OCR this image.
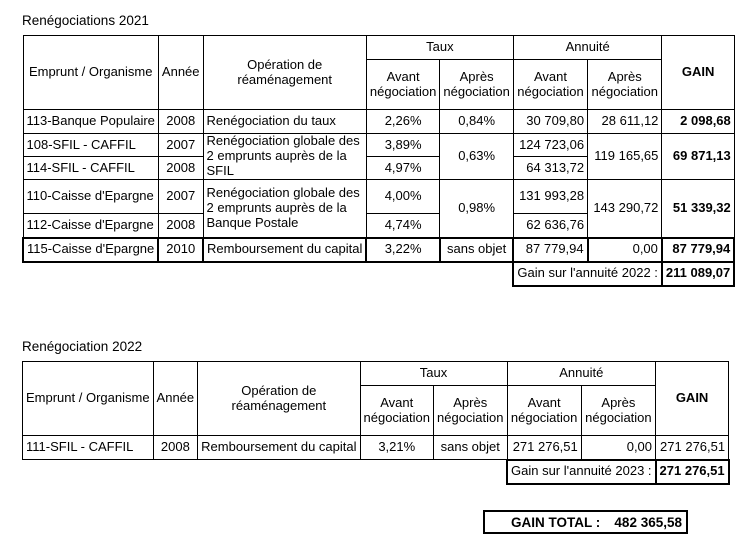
Renégociations 2021
Emprunt / Organisme	Année	Opération de réaménagement	Taux		Annuité		GAIN
			Avant négociation	Après négociation	Avant négociation	Après négociation	
113-Banque Populaire	2008	Renégociation du taux	2,26%	0,84%	30 709,80	28 611,12	2 098,68
108-SFIL - CAFFIL	2007	Renégociation globale des 2 emprunts auprès de la SFIL	3,89%	0,63%	124 723,06	119 165,65	69 871,13
114-SFIL - CAFFIL	2008		4,97%		64 313,72		
110-Caisse d'Epargne	2007	Renégociation globale des 2 emprunts auprès de la Banque Postale	4,00%	0,98%	131 993,28	143 290,72	51 339,32
112-Caisse d'Epargne	2008		4,74%		62 636,76		
115-Caisse d'Epargne	2010	Remboursement du capital	3,22%	sans objet	87 779,94	0,00	87 779,94
					Gain sur l'annuité 2022 :		211 089,07
Renégociation 2022
Emprunt / Organisme	Année	Opération de réaménagement	Taux		Annuité		GAIN
			Avant négociation	Après négociation	Avant négociation	Après négociation	
111-SFIL - CAFFIL	2008	Remboursement du capital	3,21%	sans objet	271 276,51	0,00	271 276,51
					Gain sur l'annuité 2023 :		271 276,51
GAIN TOTAL : 482 365,58
